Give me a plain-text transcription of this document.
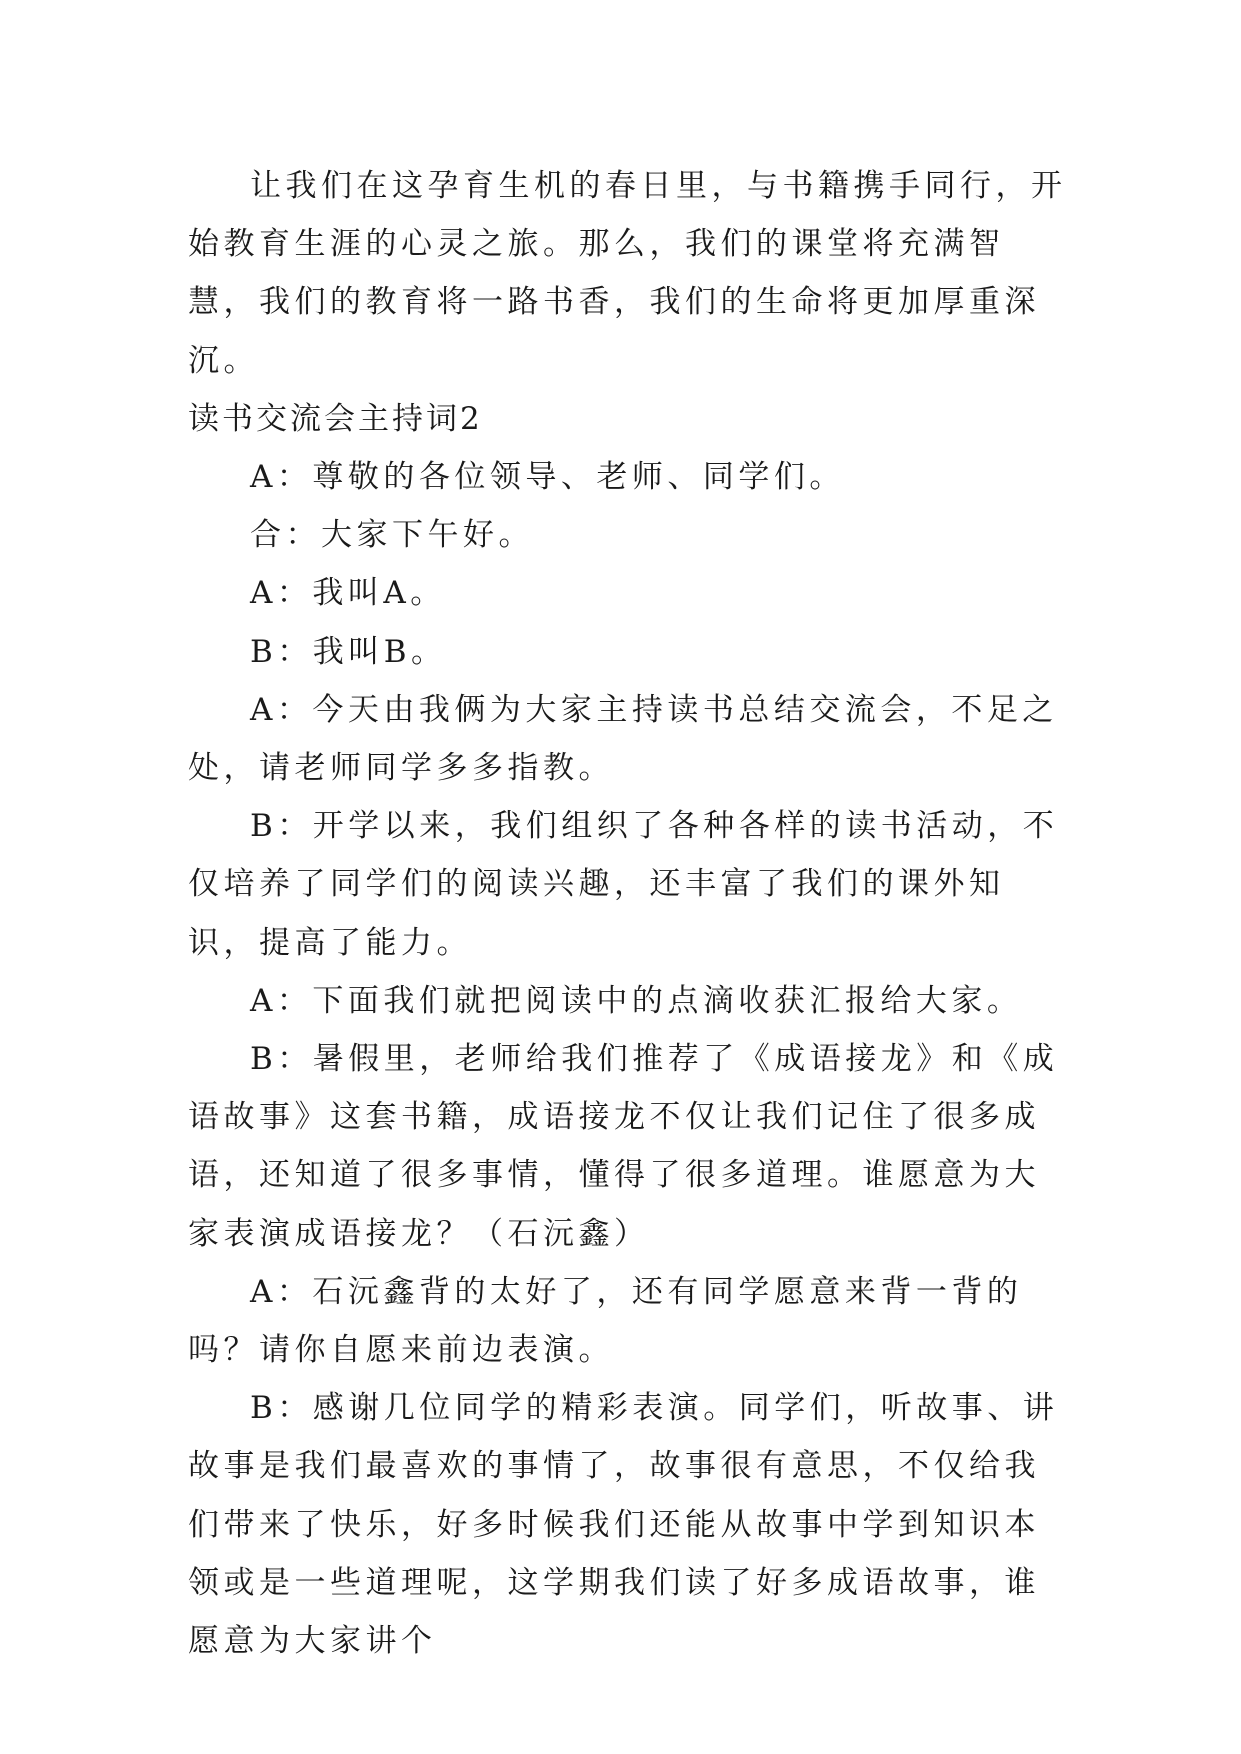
让我们在这孕育生机的春日里，与书籍携手同行，开始教育生涯的心灵之旅。那么，我们的课堂将充满智慧，我们的教育将一路书香，我们的生命将更加厚重深沉。

读书交流会主持词2

A：尊敬的各位领导、老师、同学们。

合：大家下午好。

A：我叫A。

B：我叫B。

A：今天由我俩为大家主持读书总结交流会，不足之处，请老师同学多多指教。

B：开学以来，我们组织了各种各样的读书活动，不仅培养了同学们的阅读兴趣，还丰富了我们的课外知识，提高了能力。

A：下面我们就把阅读中的点滴收获汇报给大家。

B：暑假里，老师给我们推荐了《成语接龙》和《成语故事》这套书籍，成语接龙不仅让我们记住了很多成语，还知道了很多事情，懂得了很多道理。谁愿意为大家表演成语接龙？（石沅鑫）

A：石沅鑫背的太好了，还有同学愿意来背一背的吗？请你自愿来前边表演。

B：感谢几位同学的精彩表演。同学们，听故事、讲故事是我们最喜欢的事情了，故事很有意思，不仅给我们带来了快乐，好多时候我们还能从故事中学到知识本领或是一些道理呢，这学期我们读了好多成语故事，谁愿意为大家讲个
